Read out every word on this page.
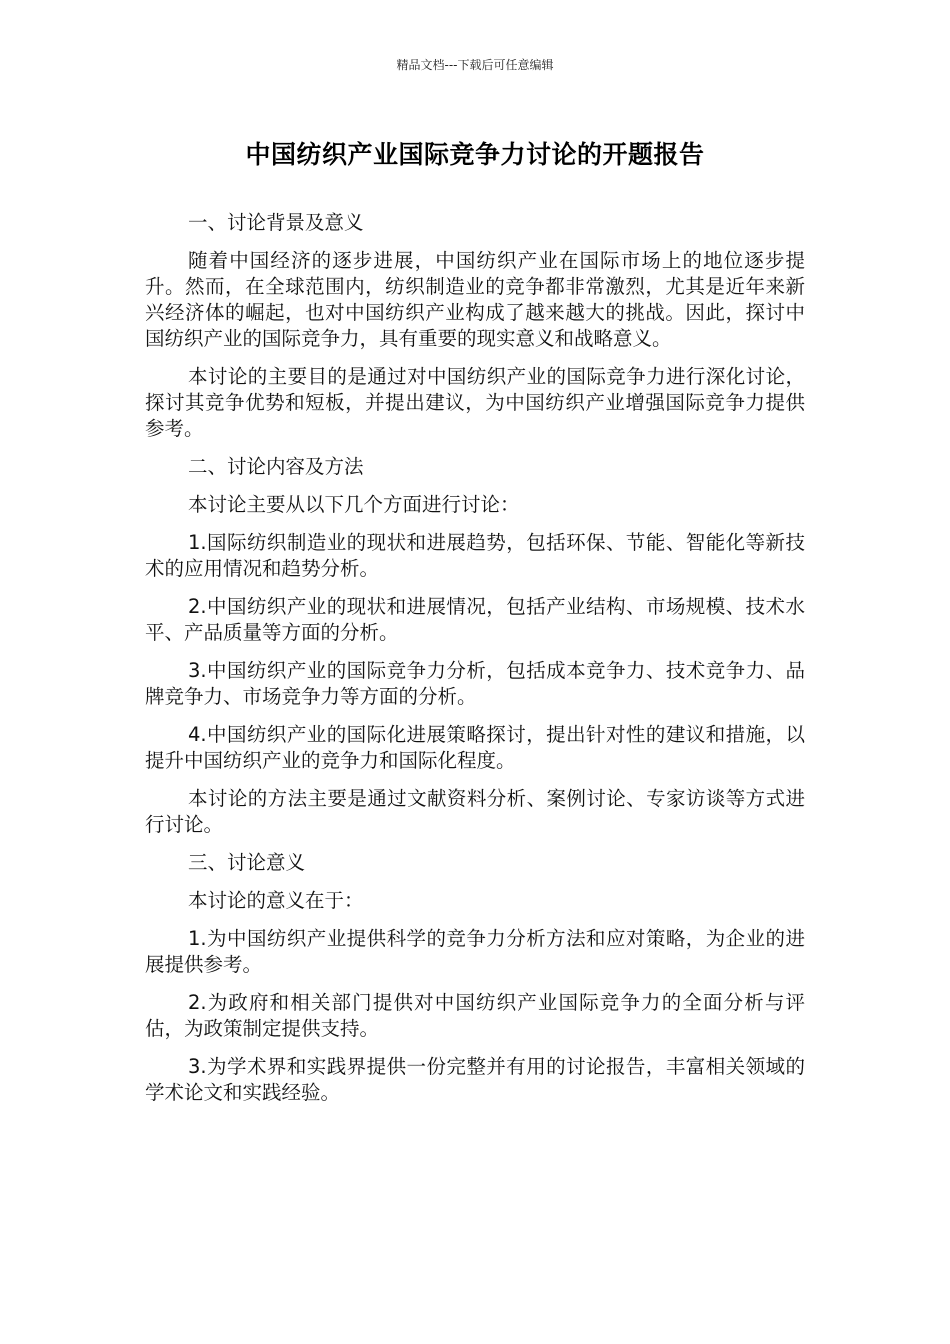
精品文档---下载后可任意编辑
中国纺织产业国际竞争力讨论的开题报告

一、讨论背景及意义

随着中国经济的逐步进展，中国纺织产业在国际市场上的地位逐步提升。然而，在全球范围内，纺织制造业的竞争都非常激烈，尤其是近年来新兴经济体的崛起，也对中国纺织产业构成了越来越大的挑战。因此，探讨中国纺织产业的国际竞争力，具有重要的现实意义和战略意义。

本讨论的主要目的是通过对中国纺织产业的国际竞争力进行深化讨论，探讨其竞争优势和短板，并提出建议，为中国纺织产业增强国际竞争力提供参考。

二、讨论内容及方法

本讨论主要从以下几个方面进行讨论：

1.国际纺织制造业的现状和进展趋势，包括环保、节能、智能化等新技术的应用情况和趋势分析。

2.中国纺织产业的现状和进展情况，包括产业结构、市场规模、技术水平、产品质量等方面的分析。

3.中国纺织产业的国际竞争力分析，包括成本竞争力、技术竞争力、品牌竞争力、市场竞争力等方面的分析。

4.中国纺织产业的国际化进展策略探讨，提出针对性的建议和措施，以提升中国纺织产业的竞争力和国际化程度。

本讨论的方法主要是通过文献资料分析、案例讨论、专家访谈等方式进行讨论。

三、讨论意义

本讨论的意义在于：

1.为中国纺织产业提供科学的竞争力分析方法和应对策略，为企业的进展提供参考。

2.为政府和相关部门提供对中国纺织产业国际竞争力的全面分析与评估，为政策制定提供支持。

3.为学术界和实践界提供一份完整并有用的讨论报告，丰富相关领域的学术论文和实践经验。
